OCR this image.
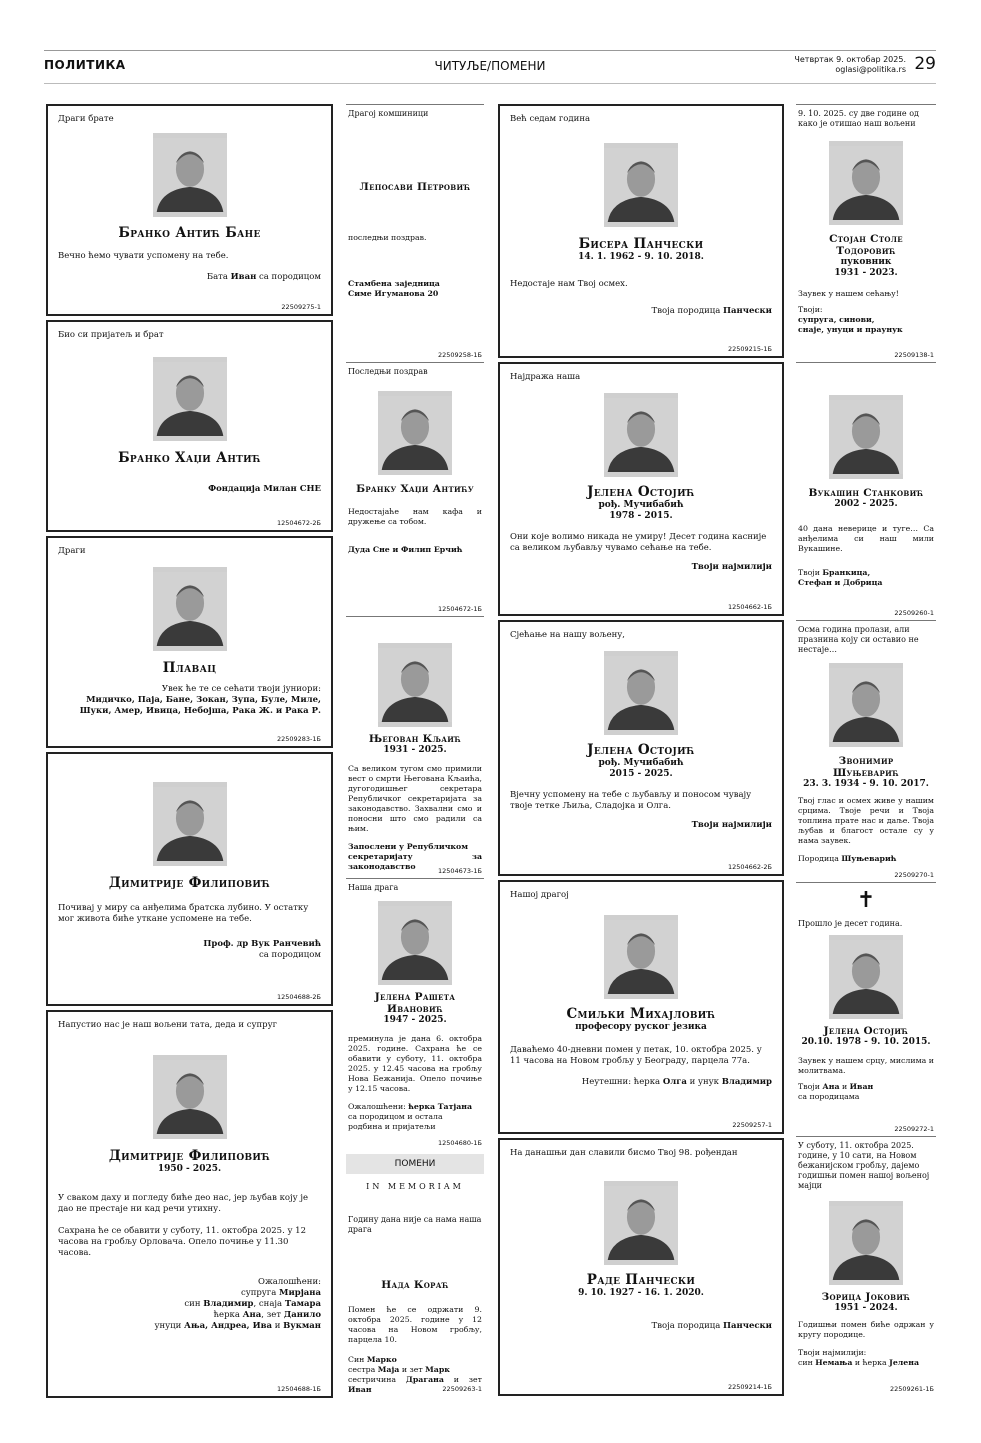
ПОЛИТИКА	ЧИТУЉЕ/ПОМЕНИ	Четвртак 9. октобар 2025.
oglasi@politika.rs 29
Драги брате
Бранко Антић Бане
Вечно ћемо чувати успомену на тебе.
Бата Иван са породицом
22509275-1
Био си пријатељ и брат
Бранко Хаџи Антић
Фондација Милан СНЕ
12504672-2Б
Драги
Плавац
Увек ће те се сећати твоји јуниори:
Мидичко, Паја, Бане, Зокан, Зупа, Буле, Миле,
Шуки, Амер, Ивица, Небојша, Рака Ж. и Рака Р.
22509283-1Б
Димитрије Филиповић
Почивај у миру са анђелима братска лубино. У остатку мог живота биће уткане успомене на тебе.
Проф. др Вук Ранчевић
са породицом
12504688-2Б
Напустио нас је наш вољени тата, деда и супруг
Димитрије Филиповић
1950 - 2025.
У сваком даху и погледу биће део нас, јер љубав коју је дао не престаје ни кад речи утихну.
Сахрана ће се обавити у суботу, 11. октобра 2025. у 12 часова на гробљу Орловача. Опело почиње у 11.30 часова.
Ожалошћени:
супруга Мирјана
син Владимир, снаја Тамара
ћерка Ана, зет Данило
унуци Ања, Андреа, Ива и Вукман
12504688-1Б
Драгој комшиници
Лепосави Петровић
последњи поздрав.
Стамбена заједница
Симе Игуманова 20
22509258-1Б
Последњи поздрав
Бранку Хаџи Антићу
Недостајаће нам кафа и дружење са тобом.
Дуда Сне и Филип Ерчић
12504672-1Б
Његован Кљаић
1931 - 2025.
Са великом тугом смо примили вест о смрти Његована Кљаића, дугогодишњег секретара Републичког секретаријата за законодавство. Захвални смо и поносни што смо радили са њим.
Запослени у Републичком
секретаријату за законодавство	12504673-1Б
Наша драга
Јелена Рашета
Ивановић
1947 - 2025.
преминула је дана 6. октобра 2025. године. Сахрана ће се обавити у суботу, 11. октобра 2025. у 12.45 часова на гробљу Нова Бежанија. Опело почиње у 12.15 часова.
Ожалошћени: ћерка Татјана
са породицом и остала
родбина и пријатељи
12504680-1Б
ПОМЕНИ
IN MEMORIAM
Годину дана није са нама наша драга
Нада Кораћ
Помен ће се одржати 9. октобра 2025. године у 12 часова на Новом гробљу, парцела 10.
Син Марко
сестра Маја и зет Марк
сестричина Драгана и зет Иван	22509263-1
Већ седам година
Бисера Панчески
14. 1. 1962 - 9. 10. 2018.
Недостаје нам Твој осмех.
Твоја породица Панчески
22509215-1Б
Најдража наша
Јелена Остојић
рођ. Мучибабић
1978 - 2015.
Они које волимо никада не умиру! Десет година касније са великом љубављу чувамо сећање на тебе.
Твоји најмилији
12504662-1Б
Сјећање на нашу вољену,
Јелена Остојић
рођ. Мучибабић
2015 - 2025.
Вјечну успомену на тебе с љубављу и поносом чувају твоје тетке Љиља, Сладојка и Олга.
Твоји најмилији
12504662-2Б
Нашој драгој
Смиљки Михајловић
професору руског језика
Даваћемо 40-дневни помен у петак, 10. октобра 2025. у 11 часова на Новом гробљу у Београду, парцела 77а.
Неутешни: ћерка Олга и унук Владимир
22509257-1
На данашњи дан славили бисмо Твој 98. рођендан
Раде Панчески
9. 10. 1927 - 16. 1. 2020.
Твоја породица Панчески
22509214-1Б
9. 10. 2025. су две године од како је отишао наш вољени
Стојан Столе
Тодоровић
пуковник
1931 - 2023.
Заувек у нашем сећању!
Твоји:
супруга, синови,
снаје, унуци и праунук
22509138-1
Вукашин Станковић
2002 - 2025.
40 дана неверице и туге… Са анђелима си наш мили Вукашине.
Твоји Бранкица,
Стефан и Добрица
22509260-1
Осма година пролази, али празнина коју си оставио не нестаје…
Звонимир
Шуњеварић
23. 3. 1934 - 9. 10. 2017.
Твој глас и осмех живе у нашим срцима. Твоје речи и Твоја топлина прате нас и даље. Твоја љубав и благост остале су у нама заувек.
Породица Шуњеварић
22509270-1
✝
Прошло је десет година.
Јелена Остојић
20.10. 1978 - 9. 10. 2015.
Заувек у нашем срцу, мислима и молитвама.
Твоји Ана и Иван
са породицама
22509272-1
У суботу, 11. октобра 2025. године, у 10 сати, на Новом бежанијском гробљу, дајемо годишњи помен нашој вољеној мајци
Зорица Јоковић
1951 - 2024.
Годишњи помен биће одржан у кругу породице.
Твоји најмилији:
син Немања и ћерка Јелена
22509261-1Б
